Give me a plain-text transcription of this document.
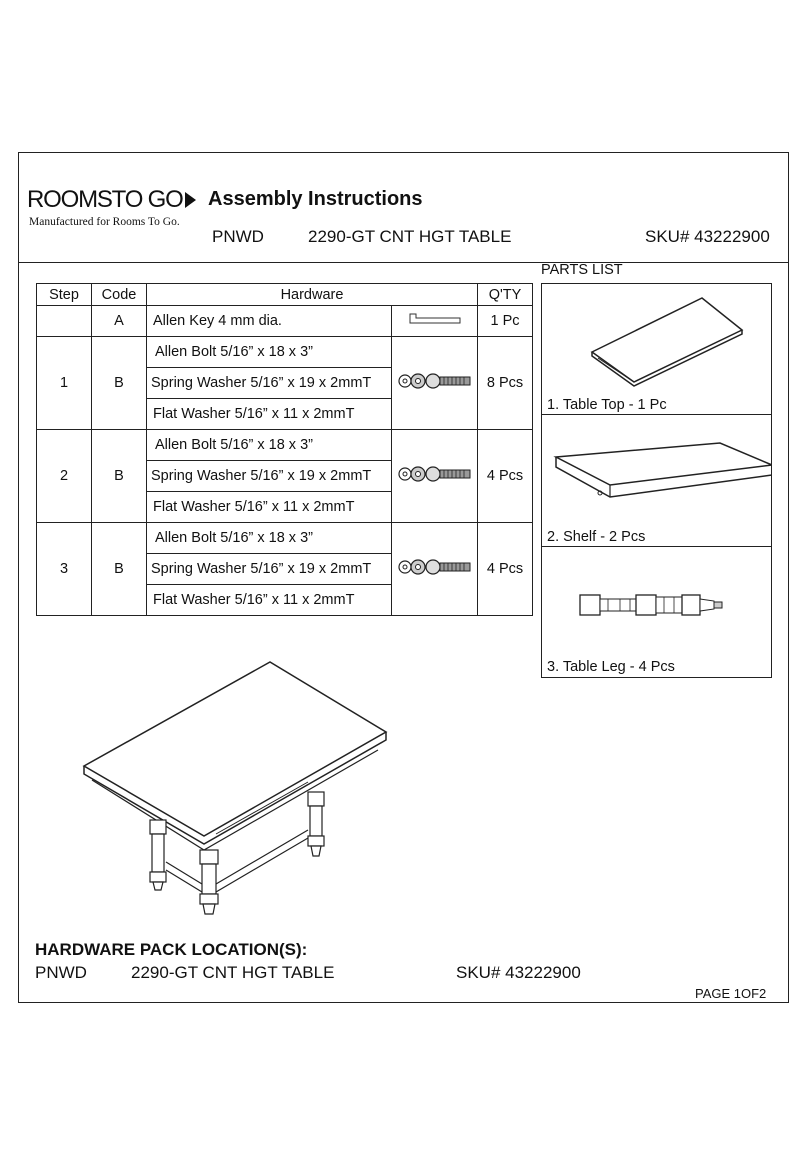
ROOMSTO GO
Manufactured for Rooms To Go.
Assembly Instructions
PNWD	2290-GT CNT HGT TABLE	SKU# 43222900
Step	Code	Hardware		Q'TY
	A	Allen Key 4 mm dia.		1 Pc
1	B	Allen Bolt 5/16” x 18 x 3”		8 Pcs
		Spring Washer 5/16” x 19 x 2mmT		
		Flat Washer 5/16” x 11 x 2mmT		
2	B	Allen Bolt 5/16” x 18 x 3”		4 Pcs
		Spring Washer 5/16” x 19 x 2mmT		
		Flat Washer 5/16” x 11 x 2mmT		
3	B	Allen Bolt 5/16” x 18 x 3”		4 Pcs
		Spring Washer 5/16” x 19 x 2mmT		
		Flat Washer 5/16” x 11 x 2mmT		
PARTS LIST
1. Table Top - 1 Pc
2. Shelf - 2 Pcs
3. Table Leg - 4 Pcs
HARDWARE PACK LOCATION(S):
PNWD	2290-GT CNT HGT TABLE	SKU# 43222900
PAGE 1OF2
